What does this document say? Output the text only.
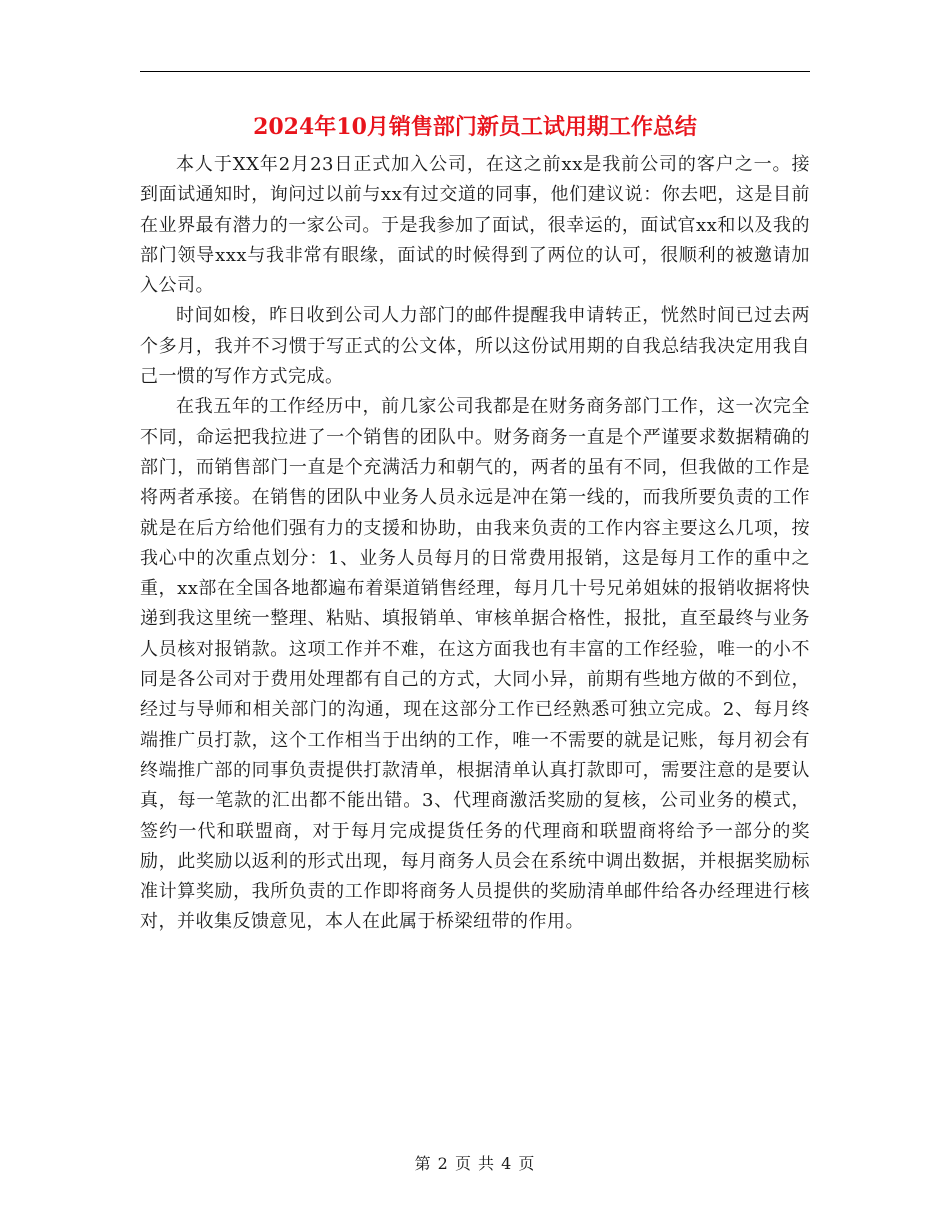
2024年10月销售部门新员工试用期工作总结

本人于XX年2月23日正式加入公司，在这之前xx是我前公司的客户之一。接到面试通知时，询问过以前与xx有过交道的同事，他们建议说：你去吧，这是目前在业界最有潜力的一家公司。于是我参加了面试，很幸运的，面试官xx和以及我的部门领导xxx与我非常有眼缘，面试的时候得到了两位的认可，很顺利的被邀请加入公司。

时间如梭，昨日收到公司人力部门的邮件提醒我申请转正，恍然时间已过去两个多月，我并不习惯于写正式的公文体，所以这份试用期的自我总结我决定用我自己一惯的写作方式完成。

在我五年的工作经历中，前几家公司我都是在财务商务部门工作，这一次完全不同，命运把我拉进了一个销售的团队中。财务商务一直是个严谨要求数据精确的部门，而销售部门一直是个充满活力和朝气的，两者的虽有不同，但我做的工作是将两者承接。在销售的团队中业务人员永远是冲在第一线的，而我所要负责的工作就是在后方给他们强有力的支援和协助，由我来负责的工作内容主要这么几项，按我心中的次重点划分：1、业务人员每月的日常费用报销，这是每月工作的重中之重，xx部在全国各地都遍布着渠道销售经理，每月几十号兄弟姐妹的报销收据将快递到我这里统一整理、粘贴、填报销单、审核单据合格性，报批，直至最终与业务人员核对报销款。这项工作并不难，在这方面我也有丰富的工作经验，唯一的小不同是各公司对于费用处理都有自己的方式，大同小异，前期有些地方做的不到位，经过与导师和相关部门的沟通，现在这部分工作已经熟悉可独立完成。2、每月终端推广员打款，这个工作相当于出纳的工作，唯一不需要的就是记账，每月初会有终端推广部的同事负责提供打款清单，根据清单认真打款即可，需要注意的是要认真，每一笔款的汇出都不能出错。3、代理商激活奖励的复核，公司业务的模式，签约一代和联盟商，对于每月完成提货任务的代理商和联盟商将给予一部分的奖励，此奖励以返利的形式出现，每月商务人员会在系统中调出数据，并根据奖励标准计算奖励，我所负责的工作即将商务人员提供的奖励清单邮件给各办经理进行核对，并收集反馈意见，本人在此属于桥梁纽带的作用。

第 2 页 共 4 页
